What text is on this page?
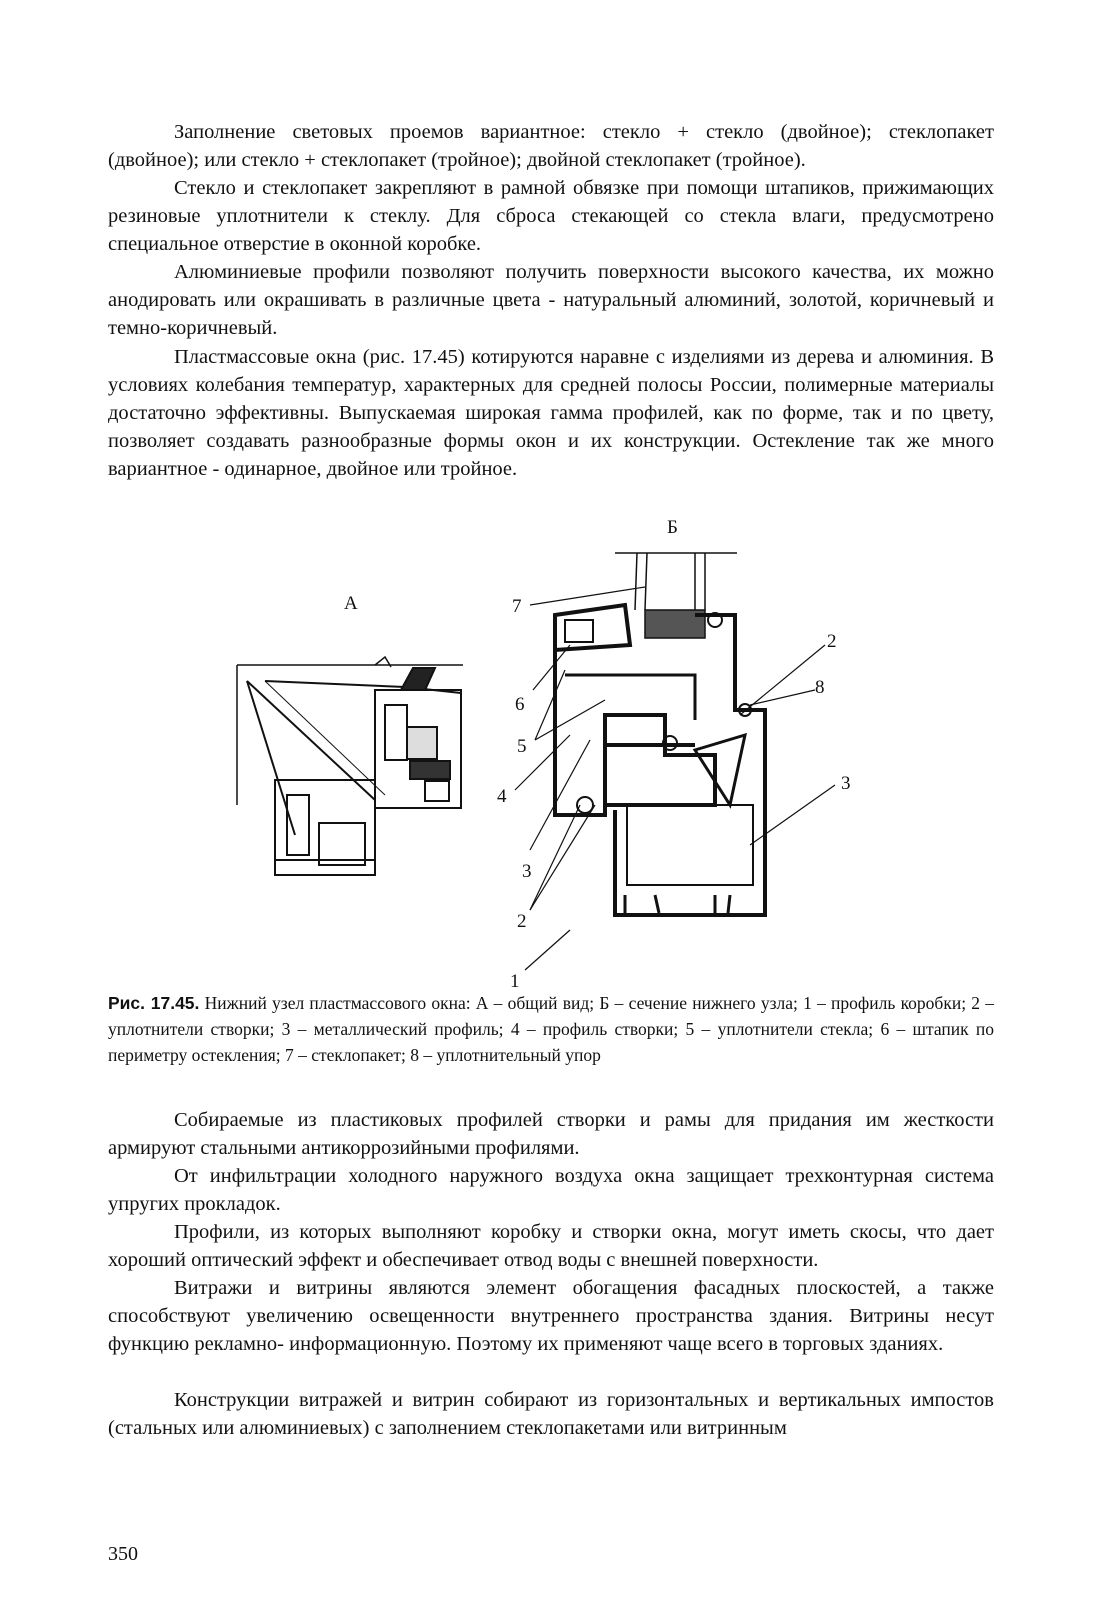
Заполнение световых проемов вариантное: стекло + стекло (двойное); стеклопакет (двойное); или стекло + стеклопакет (тройное); двойной стеклопакет (тройное).

Стекло и стеклопакет закрепляют в рамной обвязке при помощи штапиков, прижимающих резиновые уплотнители к стеклу. Для сброса стекающей со стекла влаги, предусмотрено специальное отверстие в оконной коробке.

Алюминиевые профили позволяют получить поверхности высокого качества, их можно анодировать или окрашивать в различные цвета - натуральный алюминий, золотой, коричневый и темно-коричневый.

Пластмассовые окна (рис. 17.45) котируются наравне с изделиями из дерева и алюминия. В условиях колебания температур, характерных для средней полосы России, полимерные материалы достаточно эффективны. Выпускаемая широкая гамма профилей, как по форме, так и по цвету, позволяет создавать разнообразные формы окон и их конструкции. Остекление так же много вариантное - одинарное, двойное или тройное.

А
Б
7
6
5
4
3
2
1
2
8
3

Рис. 17.45. Нижний узел пластмассового окна: А – общий вид; Б – сечение нижнего узла; 1 – профиль коробки; 2 – уплотнители створки; 3 – металлический профиль; 4 – профиль створки; 5 – уплотнители стекла; 6 – штапик по периметру остекления; 7 – стеклопакет; 8 – уплотнительный упор

Собираемые из пластиковых профилей створки и рамы для придания им жесткости армируют стальными антикоррозийными профилями.

От инфильтрации холодного наружного воздуха окна защищает трехконтурная система упругих прокладок.

Профили, из которых выполняют коробку и створки окна, могут иметь скосы, что дает хороший оптический эффект и обеспечивает отвод воды с внешней поверхности.

Витражи и витрины являются элемент обогащения фасадных плоскостей, а также способствуют увеличению освещенности внутреннего пространства здания. Витрины несут функцию рекламно- информационную. Поэтому их применяют чаще всего в торговых зданиях.

Конструкции витражей и витрин собирают из горизонтальных и вертикальных импостов (стальных или алюминиевых) с заполнением стеклопакетами или витринным

350
